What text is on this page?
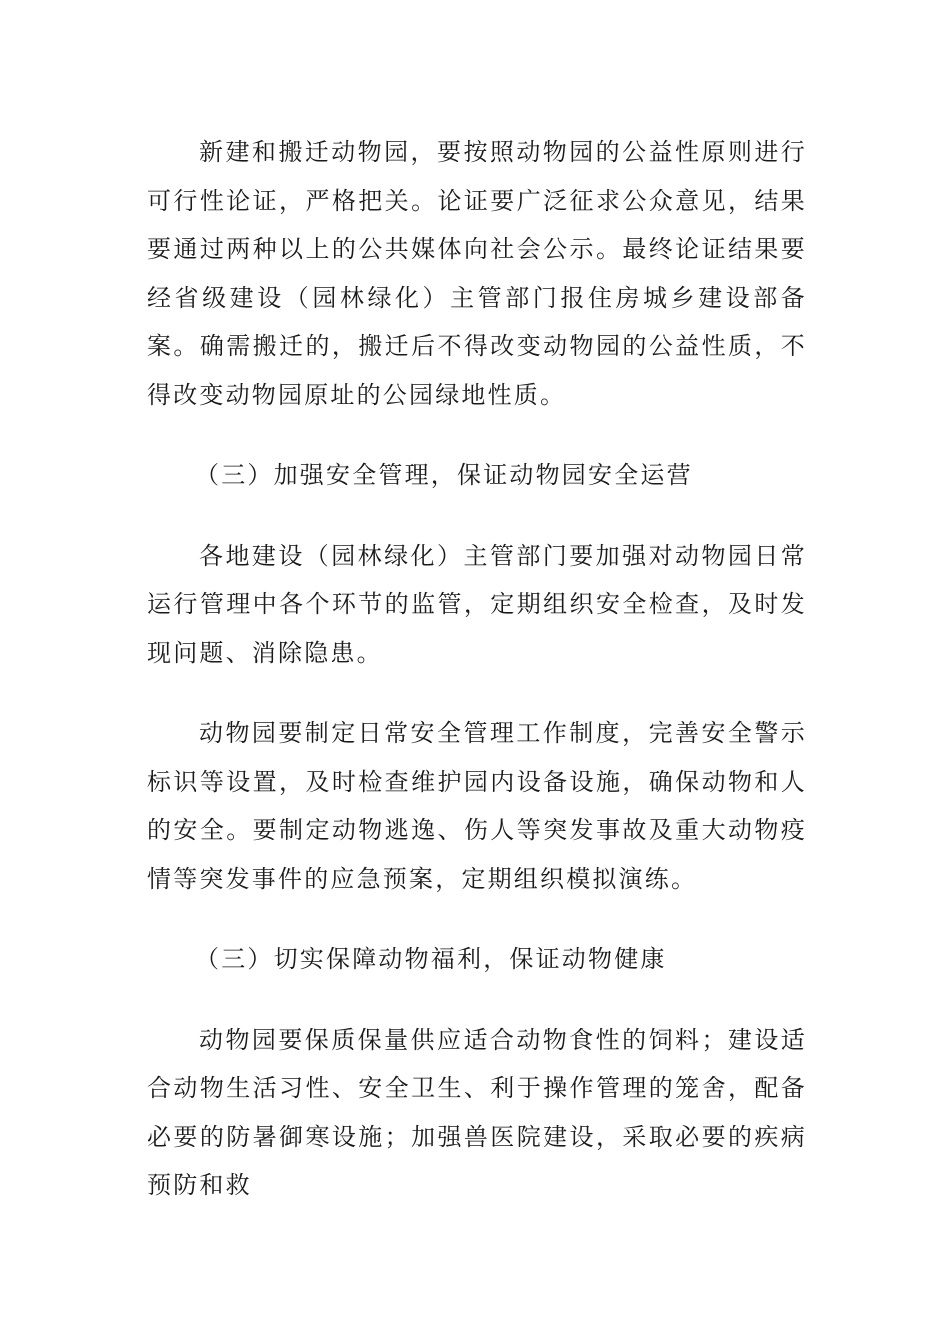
新建和搬迁动物园，要按照动物园的公益性原则进行可行性论证，严格把关。论证要广泛征求公众意见，结果要通过两种以上的公共媒体向社会公示。最终论证结果要经省级建设（园林绿化）主管部门报住房城乡建设部备案。确需搬迁的，搬迁后不得改变动物园的公益性质，不得改变动物园原址的公园绿地性质。

（三）加强安全管理，保证动物园安全运营

各地建设（园林绿化）主管部门要加强对动物园日常运行管理中各个环节的监管，定期组织安全检查，及时发现问题、消除隐患。

动物园要制定日常安全管理工作制度，完善安全警示标识等设置，及时检查维护园内设备设施，确保动物和人的安全。要制定动物逃逸、伤人等突发事故及重大动物疫情等突发事件的应急预案，定期组织模拟演练。

（三）切实保障动物福利，保证动物健康

动物园要保质保量供应适合动物食性的饲料；建设适合动物生活习性、安全卫生、利于操作管理的笼舍，配备必要的防暑御寒设施；加强兽医院建设，采取必要的疾病预防和救
